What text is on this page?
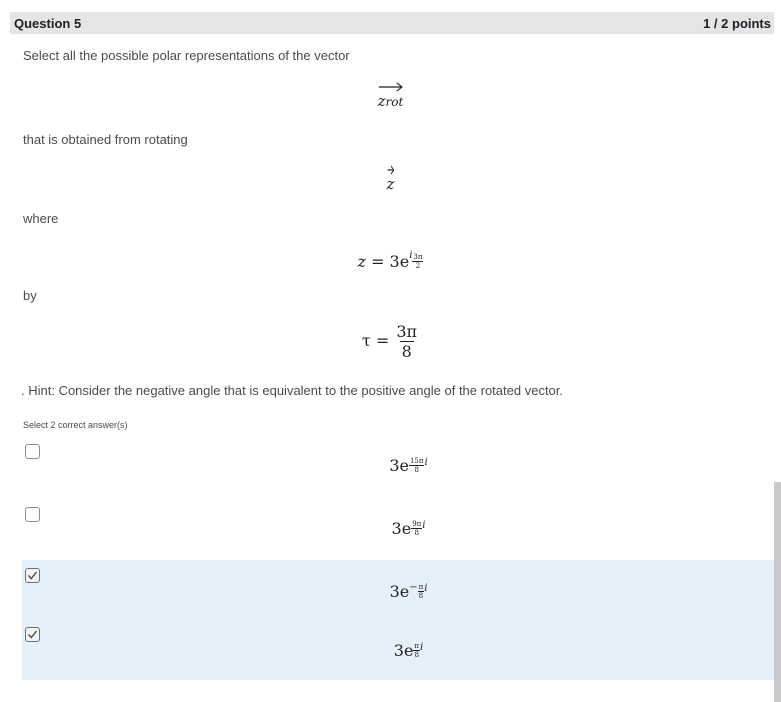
Question 5	1 / 2 points
Select all the possible polar representations of the vector
zrot
that is obtained from rotating
z
where
$z = 3e^i \frac{3\pi}{2}$
by
$\tau = \frac{3\pi}{8}$
. Hint: Consider the negative angle that is equivalent to the positive angle of the rotated vector.
Select 2 correct answer(s)
$3e \frac{15\pi}{8} ^i$
$3e \frac{9\pi}{8} ^i$
$3e^- \frac{\pi}{8} ^i$
$3e \frac{\pi}{8} ^i$
